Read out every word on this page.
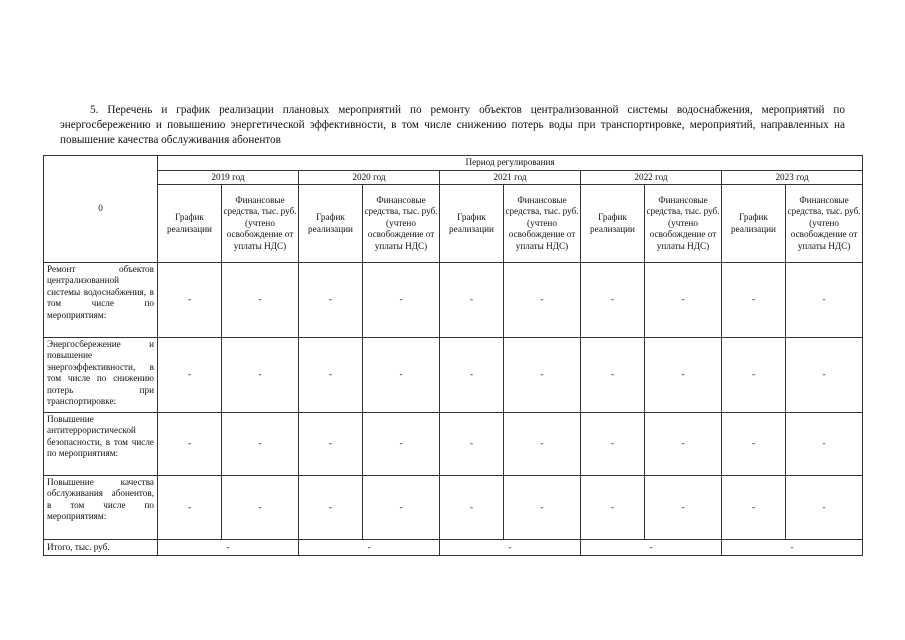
5. Перечень и график реализации плановых мероприятий по ремонту объектов централизованной системы водоснабжения, мероприятий по энергосбережению и повышению энергетической эффективности, в том числе снижению потерь воды при транспортировке, мероприятий, направленных на повышение качества обслуживания абонентов

0	Период регулирования									
	2019 год		2020 год		2021 год		2022 год		2023 год	
	График реализации	Финансовые средства, тыс. руб. (учтено освобождение от уплаты НДС)	График реализации	Финансовые средства, тыс. руб. (учтено освобождение от уплаты НДС)	График реализации	Финансовые средства, тыс. руб. (учтено освобождение от уплаты НДС)	График реализации	Финансовые средства, тыс. руб. (учтено освобождение от уплаты НДС)	График реализации	Финансовые средства, тыс. руб. (учтено освобождение от уплаты НДС)
Ремонт объектов централизованной системы водоснабжения, в том числе по мероприятиям:	-	-	-	-	-	-	-	-	-	-
Энергосбережение и повышение энергоэффективности, в том числе по снижению потерь при транспортировке:	-	-	-	-	-	-	-	-	-	-
Повышение антитеррористической безопасности, в том числе по мероприятиям:	-	-	-	-	-	-	-	-	-	-
Повышение качества обслуживания абонентов, в том числе по мероприятиям:	-	-	-	-	-	-	-	-	-	-
Итого, тыс. руб.	-		-		-		-		-	
